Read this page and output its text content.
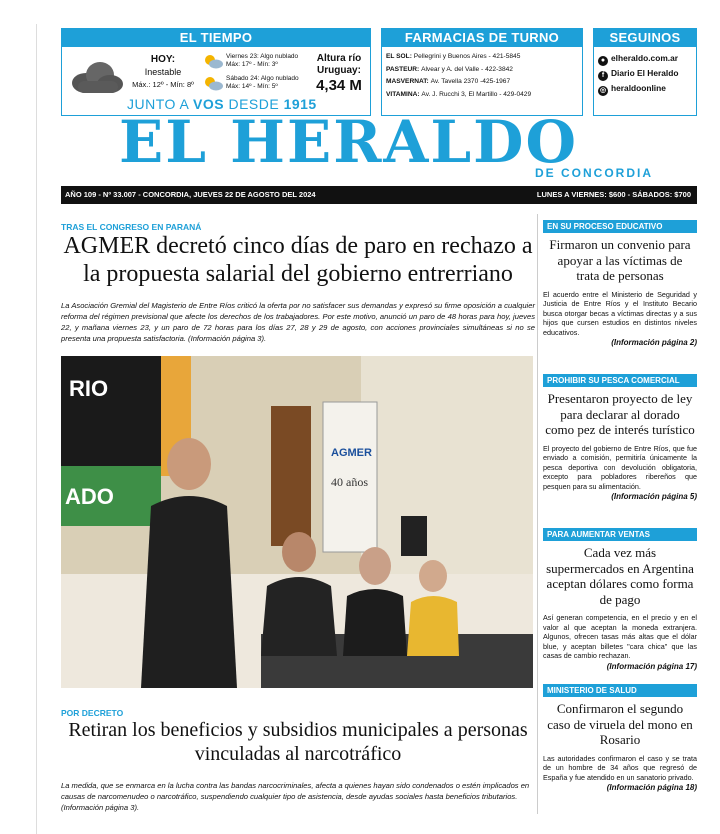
EL TIEMPO
HOY:
Inestable
Máx.: 12º - Mín: 8º
Viernes 23: Algo nublado
Máx: 17º - Mín: 3º
Sábado 24: Algo nublado
Máx: 14º - Mín: 5º
Altura río
Uruguay:
4,34 M
FARMACIAS DE TURNO
EL SOL: Pellegrini y Buenos Aires - 421-5845
PASTEUR: Alvear y A. del Valle - 422-3842
MASVERNAT: Av. Tavella 2370 -425-1967
VITAMINA: Av. J. Rucchi 3, El Martillo - 429-0429
SEGUINOS
● elheraldo.com.ar
f Diario El Heraldo
◎ heraldoonline
JUNTO A VOS DESDE 1915
EL HERALDO
DE CONCORDIA
AÑO 109 - Nº 33.007 - CONCORDIA, JUEVES 22 DE AGOSTO DEL 2024	LUNES A VIERNES: $600 - SÁBADOS: $700
TRAS EL CONGRESO EN PARANÁ
AGMER decretó cinco días de paro en rechazo a la propuesta salarial del gobierno entrerriano
La Asociación Gremial del Magisterio de Entre Ríos criticó la oferta por no satisfacer sus demandas y expresó su firme oposición a cualquier reforma del régimen previsional que afecte los derechos de los trabajadores. Por este motivo, anunció un paro de 48 horas para hoy, jueves 22, y mañana viernes 23, y un paro de 72 horas para los días 27, 28 y 29 de agosto, con acciones provinciales simultáneas si no se presenta una propuesta satisfactoria. (Información página 3).
RIO
ADO
AGMER
40 años
POR DECRETO
Retiran los beneficios y subsidios municipales a personas vinculadas al narcotráfico
La medida, que se enmarca en la lucha contra las bandas narcocriminales, afecta a quienes hayan sido condenados o estén implicados en causas de narcomenudeo o narcotráfico, suspendiendo cualquier tipo de asistencia, desde ayudas sociales hasta beneficios tributarios. (Información página 3).
EN SU PROCESO EDUCATIVO
Firmaron un convenio para apoyar a las víctimas de trata de personas
El acuerdo entre el Ministerio de Seguridad y Justicia de Entre Ríos y el Instituto Becario busca otorgar becas a víctimas directas y a sus hijos que cursen estudios en distintos niveles educativos.
(Información página 2)
PROHIBIR SU PESCA COMERCIAL
Presentaron proyecto de ley para declarar al dorado como pez de interés turístico
El proyecto del gobierno de Entre Ríos, que fue enviado a comisión, permitiría únicamente la pesca deportiva con devolución obligatoria, excepto para pobladores ribereños que pesquen para su alimentación.
(Información página 5)
PARA AUMENTAR VENTAS
Cada vez más supermercados en Argentina aceptan dólares como forma de pago
Así generan competencia, en el precio y en el valor al que aceptan la moneda extranjera. Algunos, ofrecen tasas más altas que el dólar blue, y aceptan billetes "cara chica" que las casas de cambio rechazan.
(Información página 17)
MINISTERIO DE SALUD
Confirmaron el segundo caso de viruela del mono en Rosario
Las autoridades confirmaron el caso y se trata de un hombre de 34 años que regresó de España y fue atendido en un sanatorio privado.
(Información página 18)
